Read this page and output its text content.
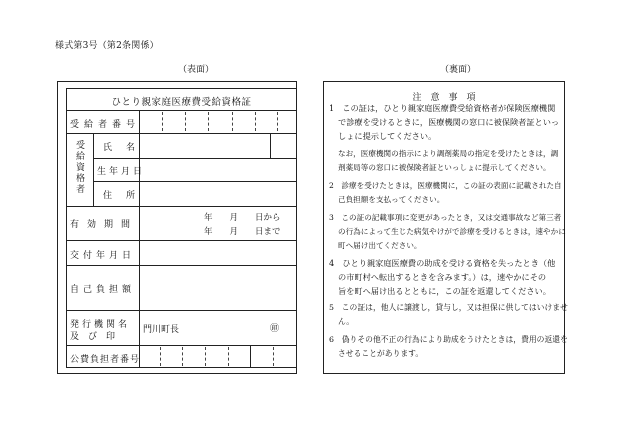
様式第3号（第2条関係）
（表面）	（裏面）
ひとり親家庭医療費受給資格証
受給者番号
受給資格者 氏名
生年月日
住所
有効期間
年　　月　　日から
年　　月　　日まで
交付年月日
自己負担額
発行機関名
及び印
門川町長	㊞
公費負担者番号
注　意　事　項
1　この証は，ひとり親家庭医療費受給資格者が保険医療機関
で診療を受けるときに，医療機関の窓口に被保険者証といっ
しょに提示してください。
なお，医療機関の指示により調剤薬局の指定を受けたときは，調
剤薬局等の窓口に被保険者証といっしょに提示してください。
2　診療を受けたときは，医療機関に，この証の表面に記載された自
己負担額を支払ってください。
3　この証の記載事項に変更があったとき，又は交通事故など第三者
の行為によって生じた病気やけがで診療を受けるときは，速やかに
町へ届け出てください。
4　ひとり親家庭医療費の助成を受ける資格を失ったとき（他
の市町村へ転出するときを含みます。）は，速やかにその
旨を町へ届け出るとともに，この証を返還してください。
5　この証は，他人に譲渡し，貸与し，又は担保に供してはいけませ
ん。
6　偽りその他不正の行為により助成をうけたときは，費用の返還を
させることがあります。
